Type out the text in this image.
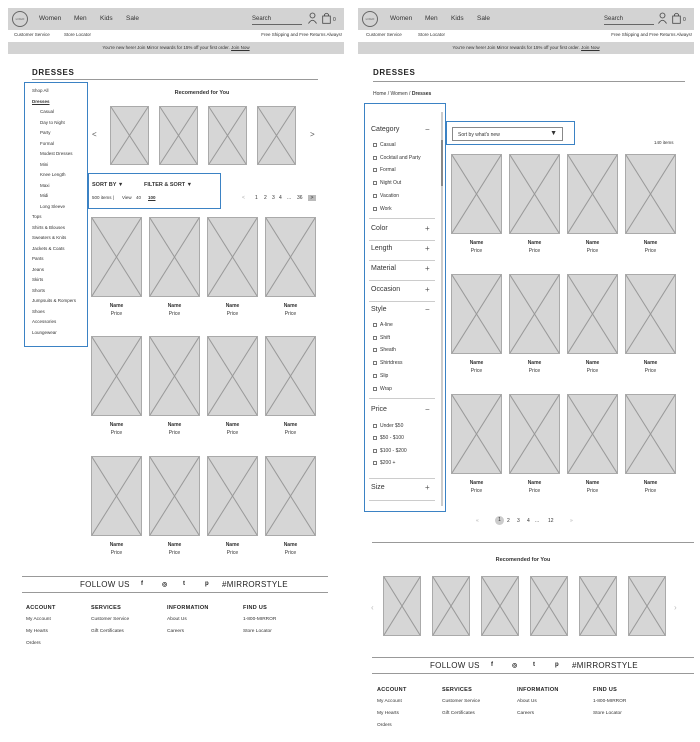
LOGO	Women Men Kids Sale	Search	0
Customer Service	Store Locator	Free Shipping and Free Returns Always!
You're new here! Join Mirror rewards for 15% off your first order. Join Now
DRESSES
Shop All
Dresses
Casual
Day to Night
Party
Formal
Modest Dresses
Mini
Knee Length
Maxi
Midi
Long Sleeve
Tops
Shirts & Blouses
Sweaters & Knits
Jackets & Coats
Pants
Jeans
Skirts
Shorts
Jumpsuits & Rompers
Shoes
Accessories
Loungewear
Recomended for You
<	>
SORT BY ▼	FILTER & SORT ▼
500 items | View 40 100	< 1 2 3 4 ... 36	>
Name
Price
Name
Price
Name
Price
Name
Price
Name
Price
Name
Price
Name
Price
Name
Price
Name
Price
Name
Price
Name
Price
Name
Price
FOLLOW US f	◎	t	p #MIRRORSTYLE
ACCOUNT
My Account
My Hearts
Orders
SERVICES
Customer Service
Gift Certificates
INFORMATION
About Us
Careers
FIND US
1-800-MIRROR
Store Locator
LOGO	Women Men Kids Sale	Search	0
Customer Service	Store Locator	Free Shipping and Free Returns Always!
You're new here! Join Mirror rewards for 15% off your first order. Join Now
DRESSES
Home / Women / Dresses
Category	−
Casual
Cocktail and Party
Formal
Night Out
Vacation
Work
Color	+
Length	+
Material	+
Occasion	+
Style	−
A-line
Shift
Sheath
Shirtdress
Slip
Wrap
Price	−
Under $50
$50 - $100
$100 - $200
$200 +
Size	+
Sort by what's new	▼
140 items
Name
Price
Name
Price
Name
Price
Name
Price
Name
Price
Name
Price
Name
Price
Name
Price
Name
Price
Name
Price
Name
Price
Name
Price
«	1	2 3 4 ... 12	»
Recomended for You
‹	›
FOLLOW US f	◎	t	p #MIRRORSTYLE
ACCOUNT
My Account
My Hearts
Orders
SERVICES
Customer Service
Gift Certificates
INFORMATION
About Us
Careers
FIND US
1-800-MIRROR
Store Locator
